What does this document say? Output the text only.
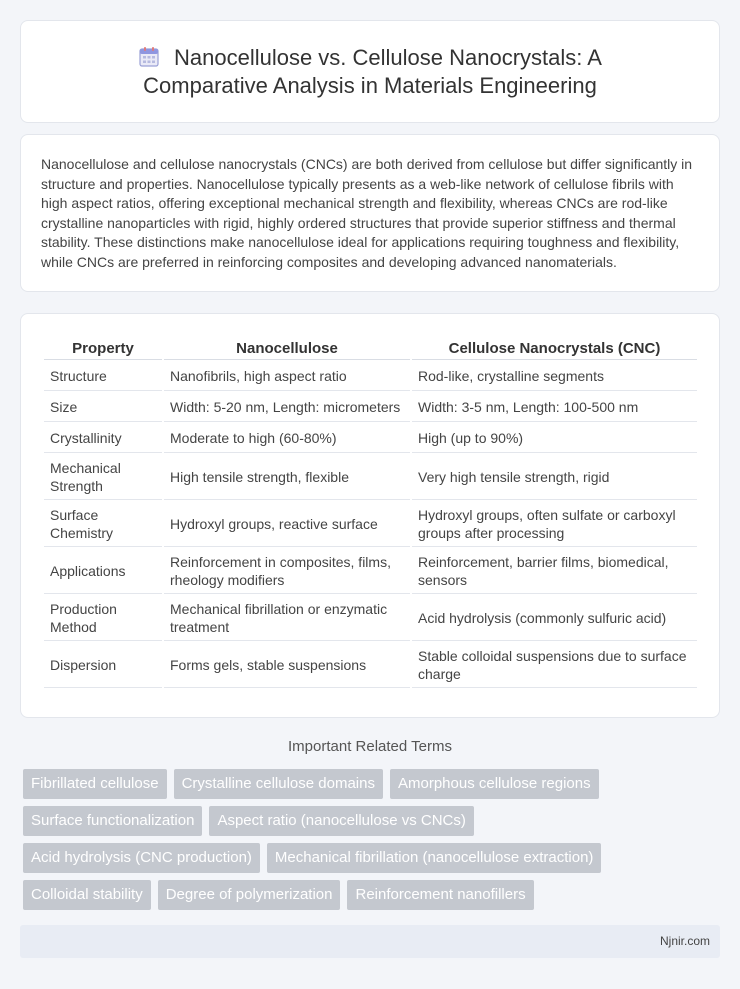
Nanocellulose vs. Cellulose Nanocrystals: A Comparative Analysis in Materials Engineering

Nanocellulose and cellulose nanocrystals (CNCs) are both derived from cellulose but differ significantly in structure and properties. Nanocellulose typically presents as a web-like network of cellulose fibrils with high aspect ratios, offering exceptional mechanical strength and flexibility, whereas CNCs are rod-like crystalline nanoparticles with rigid, highly ordered structures that provide superior stiffness and thermal stability. These distinctions make nanocellulose ideal for applications requiring toughness and flexibility, while CNCs are preferred in reinforcing composites and developing advanced nanomaterials.

Property	Nanocellulose	Cellulose Nanocrystals (CNC)
Structure	Nanofibrils, high aspect ratio	Rod-like, crystalline segments
Size	Width: 5-20 nm, Length: micrometers	Width: 3-5 nm, Length: 100-500 nm
Crystallinity	Moderate to high (60-80%)	High (up to 90%)
Mechanical Strength	High tensile strength, flexible	Very high tensile strength, rigid
Surface Chemistry	Hydroxyl groups, reactive surface	Hydroxyl groups, often sulfate or carboxyl groups after processing
Applications	Reinforcement in composites, films, rheology modifiers	Reinforcement, barrier films, biomedical, sensors
Production Method	Mechanical fibrillation or enzymatic treatment	Acid hydrolysis (commonly sulfuric acid)
Dispersion	Forms gels, stable suspensions	Stable colloidal suspensions due to surface charge
Important Related Terms
Fibrillated cellulose	Crystalline cellulose domains	Amorphous cellulose regions
Surface functionalization	Aspect ratio (nanocellulose vs CNCs)
Acid hydrolysis (CNC production)	Mechanical fibrillation (nanocellulose extraction)
Colloidal stability	Degree of polymerization	Reinforcement nanofillers
Njnir.com
